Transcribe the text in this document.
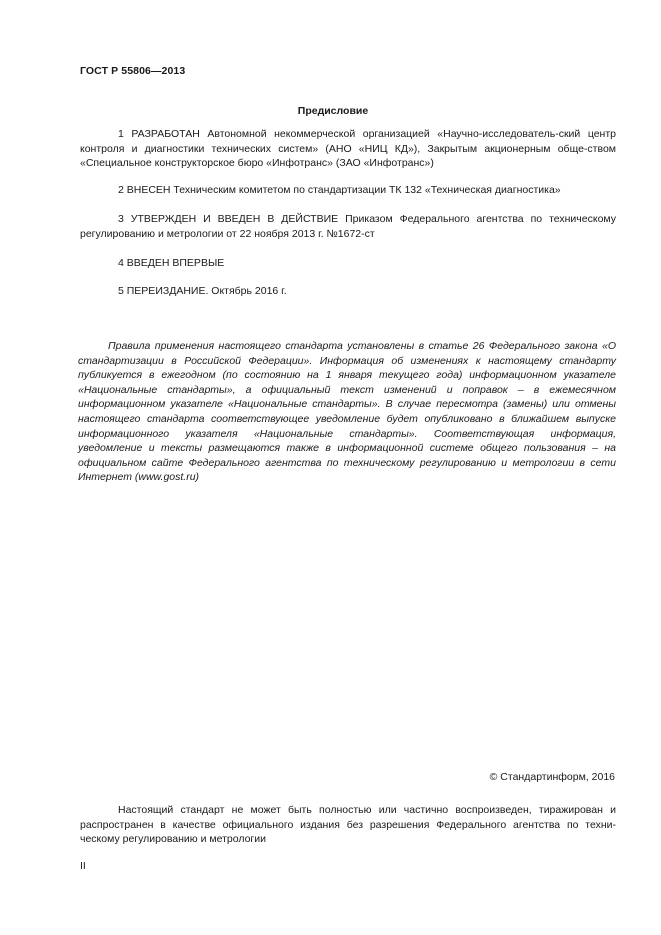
ГОСТ Р 55806—2013
Предисловие

1 РАЗРАБОТАН Автономной некоммерческой организацией «Научно-исследователь-ский центр контроля и диагностики технических систем» (АНО «НИЦ КД»), Закрытым акционерным обще-ством «Специальное конструкторское бюро «Инфотранс» (ЗАО «Инфотранс»)

2 ВНЕСЕН Техническим комитетом по стандартизации ТК 132 «Техническая диагностика»

3 УТВЕРЖДЕН И ВВЕДЕН В ДЕЙСТВИЕ Приказом Федерального агентства по техническому регулированию и метрологии от 22 ноября 2013 г. №1672-ст

4 ВВЕДЕН ВПЕРВЫЕ

5 ПЕРЕИЗДАНИЕ. Октябрь 2016 г.

Правила применения настоящего стандарта установлены в статье 26 Федерального закона «О стандартизации в Российской Федерации». Информация об изменениях к настоящему стандарту публикуется в ежегодном (по состоянию на 1 января текущего года) информационном указателе «Национальные стандарты», а официальный текст изменений и поправок – в ежемесячном информационном указателе «Национальные стандарты». В случае пересмотра (замены) или отмены настоящего стандарта соответствующее уведомление будет опубликовано в ближайшем выпуске информационного указателя «Национальные стандарты». Соответствующая информация, уведомление и тексты размещаются также в информационной системе общего пользования – на официальном сайте Федерального агентства по техническому регулированию и метрологии в сети Интернет (www.gost.ru)

© Стандартинформ, 2016

Настоящий стандарт не может быть полностью или частично воспроизведен, тиражирован и распространен в качестве официального издания без разрешения Федерального агентства по техни-ческому регулированию и метрологии

II
